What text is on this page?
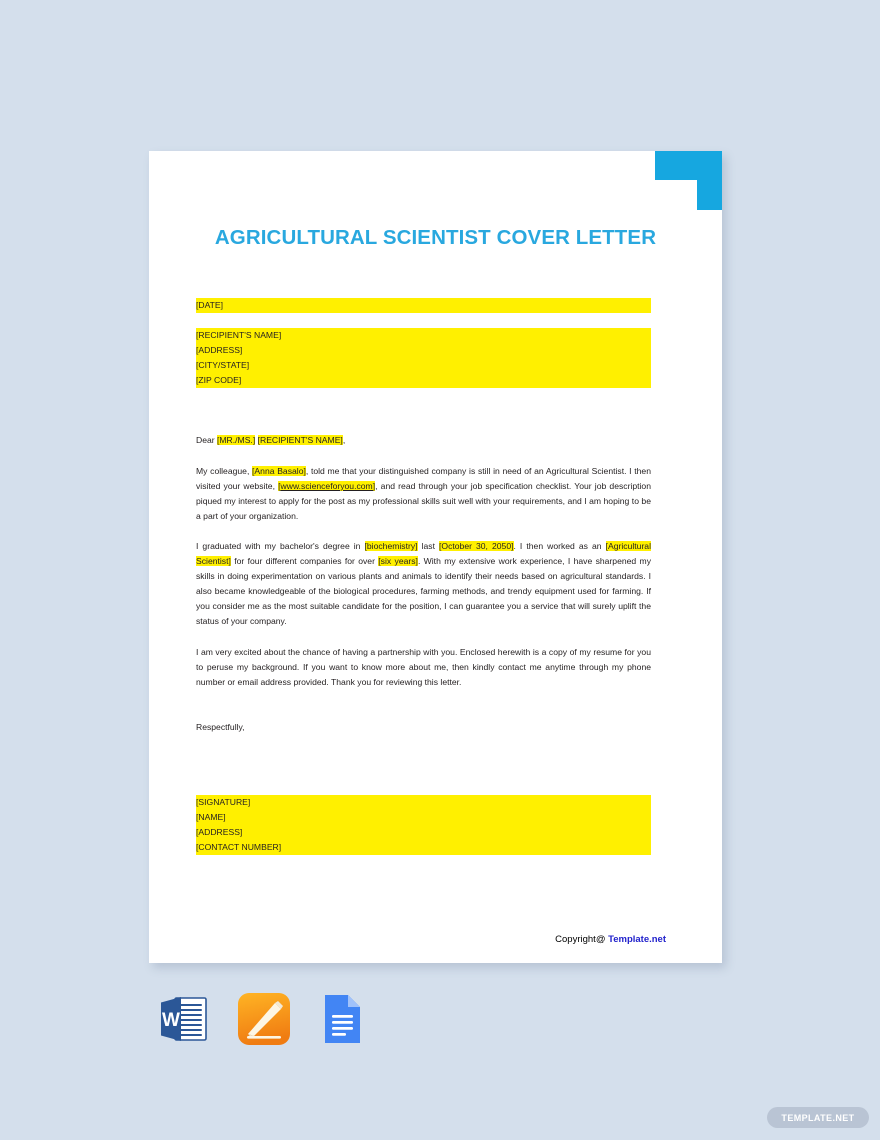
AGRICULTURAL SCIENTIST COVER LETTER
[DATE]
[RECIPIENT'S NAME]
[ADDRESS]
[CITY/STATE]
[ZIP CODE]

Dear [MR./MS.] [RECIPIENT'S NAME],

My colleague, [Anna Basalo], told me that your distinguished company is still in need of an Agricultural Scientist. I then visited your website, [www.scienceforyou.com], and read through your job specification checklist. Your job description piqued my interest to apply for the post as my professional skills suit well with your requirements, and I am hoping to be a part of your organization.

I graduated with my bachelor's degree in [biochemistry] last [October 30, 2050]. I then worked as an [Agricultural Scientist] for four different companies for over [six years]. With my extensive work experience, I have sharpened my skills in doing experimentation on various plants and animals to identify their needs based on agricultural standards. I also became knowledgeable of the biological procedures, farming methods, and trendy equipment used for farming. If you consider me as the most suitable candidate for the position, I can guarantee you a service that will surely uplift the status of your company.

I am very excited about the chance of having a partnership with you. Enclosed herewith is a copy of my resume for you to peruse my background. If you want to know more about me, then kindly contact me anytime through my phone number or email address provided. Thank you for reviewing this letter.

Respectfully,

[SIGNATURE]
[NAME]
[ADDRESS]
[CONTACT NUMBER]
Copyright@ Template.net
W
TEMPLATE.NET
